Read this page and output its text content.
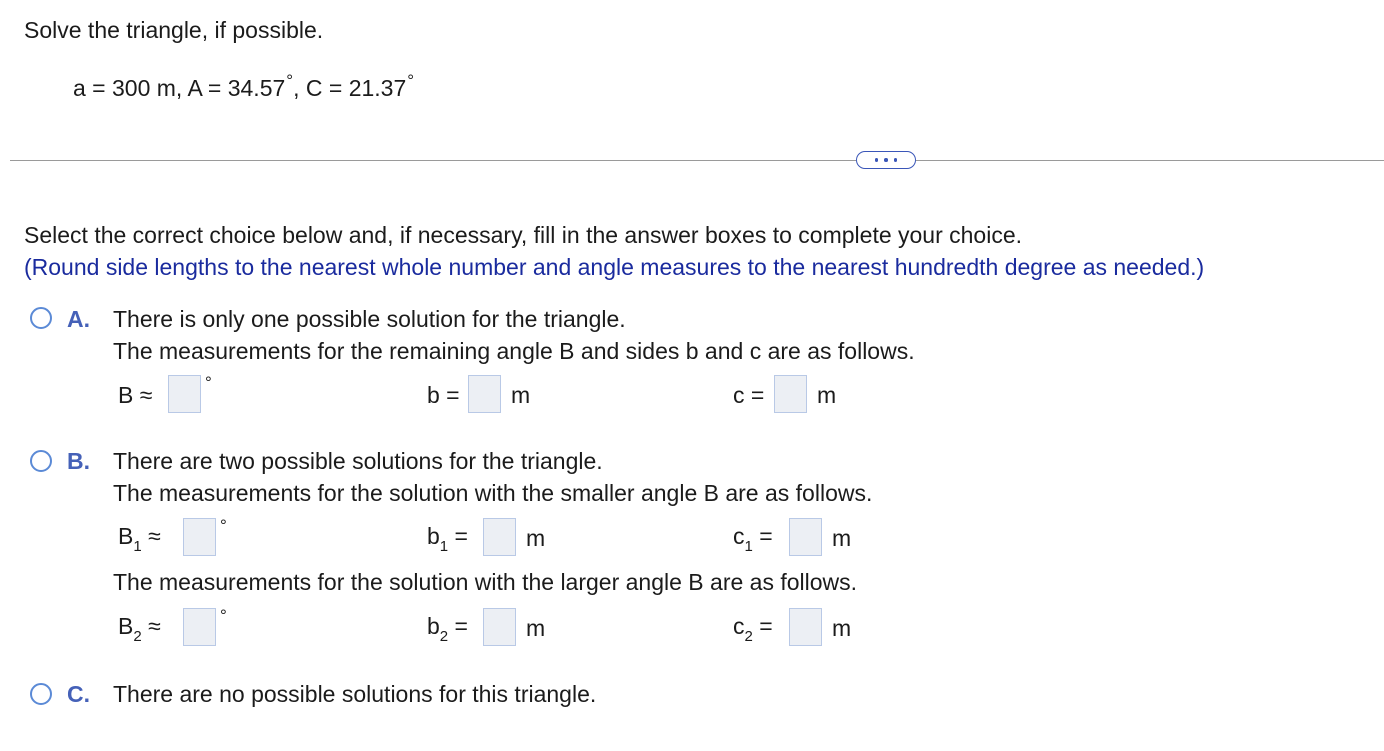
Solve the triangle, if possible.
a = 300 m, A = 34.57°, C = 21.37°
Select the correct choice below and, if necessary, fill in the answer boxes to complete your choice.
(Round side lengths to the nearest whole number and angle measures to the nearest hundredth degree as needed.)
A. There is only one possible solution for the triangle.
The measurements for the remaining angle B and sides b and c are as follows.
B ≈	°	b = m	c = m
B. There are two possible solutions for the triangle.
The measurements for the solution with the smaller angle B are as follows.
$B_1$ ≈	°	$b_1$ =	m	$c_1$ =	m
The measurements for the solution with the larger angle B are as follows.
$B_2$ ≈	°	$b_2$ =	m	$c_2$ =	m
C. There are no possible solutions for this triangle.
